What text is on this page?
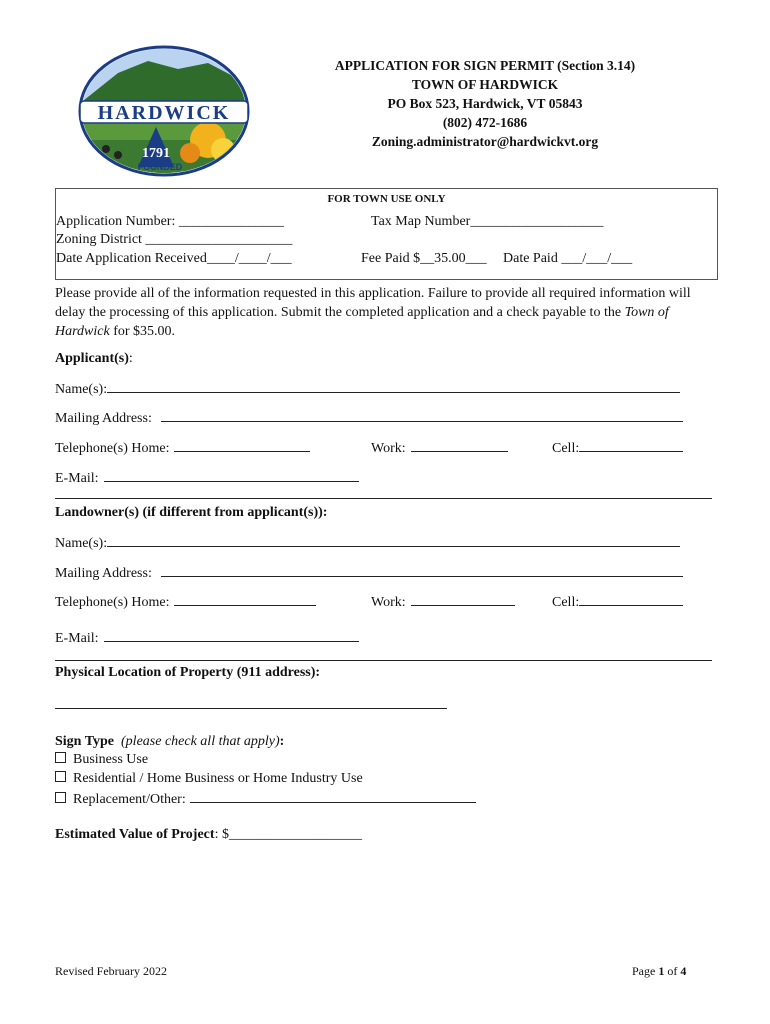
HARDWICK
1791
FOUNDED
APPLICATION FOR SIGN PERMIT (Section 3.14)
TOWN OF HARDWICK
PO Box 523, Hardwick, VT 05843
(802) 472-1686
Zoning.administrator@hardwickvt.org
FOR TOWN USE ONLY
Application Number: _______________	Tax Map Number___________________
Zoning District _____________________
Date Application Received____/____/___	Fee Paid $__35.00___ Date Paid ___/___/___
Please provide all of the information requested in this application. Failure to provide all required information will delay the processing of this application. Submit the completed application and a check payable to the Town of Hardwick for $35.00.
Applicant(s):
Name(s):
Mailing Address:
Telephone(s) Home:	Work:	Cell:
E-Mail:
Landowner(s) (if different from applicant(s)):
Name(s):
Mailing Address:
Telephone(s) Home:	Work:	Cell:
E-Mail:
Physical Location of Property (911 address):
Sign Type (please check all that apply):
Business Use
Residential / Home Business or Home Industry Use
Replacement/Other:
Estimated Value of Project: $___________________
Revised February 2022	Page 1 of 4
